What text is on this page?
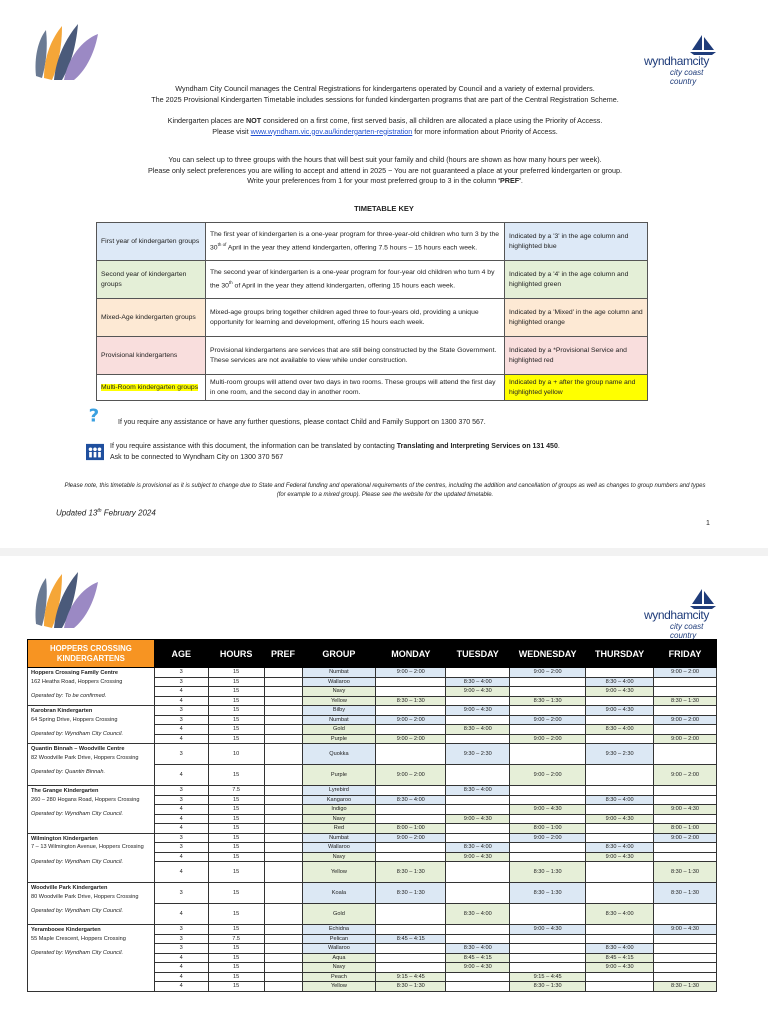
wyndhamcity
city coast country

Wyndham City Council manages the Central Registrations for kindergartens operated by Council and a variety of external providers.

The 2025 Provisional Kindergarten Timetable includes sessions for funded kindergarten programs that are part of the Central Registration Scheme.

Kindergarten places are NOT considered on a first come, first served basis, all children are allocated a place using the Priority of Access.

Please visit www.wyndham.vic.gov.au/kindergarten-registration for more information about Priority of Access.

You can select up to three groups with the hours that will best suit your family and child (hours are shown as how many hours per week).

Please only select preferences you are willing to accept and attend in 2025 ~ You are not guaranteed a place at your preferred kindergarten or group.

Write your preferences from 1 for your most preferred group to 3 in the column 'PREF'.

TIMETABLE KEY
First year of kindergarten groups	The first year of kindergarten is a one-year program for three-year-old children who turn 3 by the $30^{th of}$ April in the year they attend kindergarten, offering 7.5 hours – 15 hours each week.	Indicated by a '3' in the age column and highlighted blue
Second year of kindergarten groups	The second year of kindergarten is a one-year program for four-year old children who turn 4 by the 30th of April in the year they attend kindergarten, offering 15 hours each week.	Indicated by a '4' in the age column and highlighted green
Mixed-Age kindergarten groups	Mixed-age groups bring together children aged three to four-years old, providing a unique opportunity for learning and development, offering 15 hours each week.	Indicated by a 'Mixed' in the age column and highlighted orange
Provisional kindergartens	Provisional kindergartens are services that are still being constructed by the State Government. These services are not available to view while under construction.	Indicated by a *Provisional Service and highlighted red
Multi-Room kindergarten groups	Multi-room groups will attend over two days in two rooms. These groups will attend the first day in one room, and the second day in another room.	Indicated by a + after the group name and highlighted yellow
?	If you require any assistance or have any further questions, please contact Child and Family Support on 1300 370 567.
If you require assistance with this document, the information can be translated by contacting Translating and Interpreting Services on 131 450.
Ask to be connected to Wyndham City on 1300 370 567
Please note, this timetable is provisional as it is subject to change due to State and Federal funding and operational requirements of the centres, including the addition and cancellation of groups as well as changes to group numbers and types (for example to a mixed group). Please see the website for the updated timetable.
Updated 13th February 2024
1
wyndhamcity
city coast country
HOPPERS CROSSING KINDERGARTENS	AGE	HOURS	PREF	GROUP	MONDAY	TUESDAY	WEDNESDAY	THURSDAY	FRIDAY

Hoppers Crossing Family Centre
162 Heaths Road, Hoppers Crossing
Operated by: To be confirmed.	3	15		Numbat	9:00 – 2:00		9:00 – 2:00		9:00 – 2:00
	3	15		Wallaroo		8:30 – 4:00		8:30 – 4:00	
	4	15		Navy		9:00 – 4:30		9:00 – 4:30	
	4	15		Yellow	8:30 – 1:30		8:30 – 1:30		8:30 – 1:30

Karobran Kindergarten
64 Spring Drive, Hoppers Crossing
Operated by: Wyndham City Council.	3	15		Bilby		9:00 – 4:30		9:00 – 4:30	
	3	15		Numbat	9:00 – 2:00		9:00 – 2:00		9:00 – 2:00
	4	15		Gold		8:30 – 4:00		8:30 – 4:00	
	4	15		Purple	9:00 – 2:00		9:00 – 2:00		9:00 – 2:00

Quantin Binnah – Woodville Centre
82 Woodville Park Drive, Hoppers Crossing
Operated by: Quantin Binnah.	3	10		Quokka		9:30 – 2:30		9:30 – 2:30	
	4	15		Purple	9:00 – 2:00		9:00 – 2:00		9:00 – 2:00

The Grange Kindergarten
260 – 280 Hogans Road, Hoppers Crossing
Operated by: Wyndham City Council.	3	7.5		Lyrebird		8:30 – 4:00			
	3	15		Kangaroo	8:30 – 4:00			8:30 – 4:00	
	4	15		Indigo			9:00 – 4:30		9:00 – 4:30
	4	15		Navy		9:00 – 4:30		9:00 – 4:30	
	4	15		Red	8:00 – 1:00		8:00 – 1:00		8:00 – 1:00

Wilmington Kindergarten
7 – 13 Wilmington Avenue, Hoppers Crossing
Operated by: Wyndham City Council.	3	15		Numbat	9:00 – 2:00		9:00 – 2:00		9:00 – 2:00
	3	15		Wallaroo		8:30 – 4:00		8:30 – 4:00	
	4	15		Navy		9:00 – 4:30		9:00 – 4:30	
	4	15		Yellow	8:30 – 1:30		8:30 – 1:30		8:30 – 1:30

Woodville Park Kindergarten
80 Woodville Park Drive, Hoppers Crossing
Operated by: Wyndham City Council.	3	15		Koala	8:30 – 1:30		8:30 – 1:30		8:30 – 1:30
	4	15		Gold		8:30 – 4:00		8:30 – 4:00	

Yerambooee Kindergarten
55 Maple Crescent, Hoppers Crossing
Operated by: Wyndham City Council.	3	15		Echidna			9:00 – 4:30		9:00 – 4:30
	3	7.5		Pelican	8:45 – 4:15				
	3	15		Wallaroo		8:30 – 4:00		8:30 – 4:00	
	4	15		Aqua		8:45 – 4:15		8:45 – 4:15	
	4	15		Navy		9:00 – 4:30		9:00 – 4:30	
	4	15		Peach	9:15 – 4:45		9:15 – 4:45		
	4	15		Yellow	8:30 – 1:30		8:30 – 1:30		8:30 – 1:30
